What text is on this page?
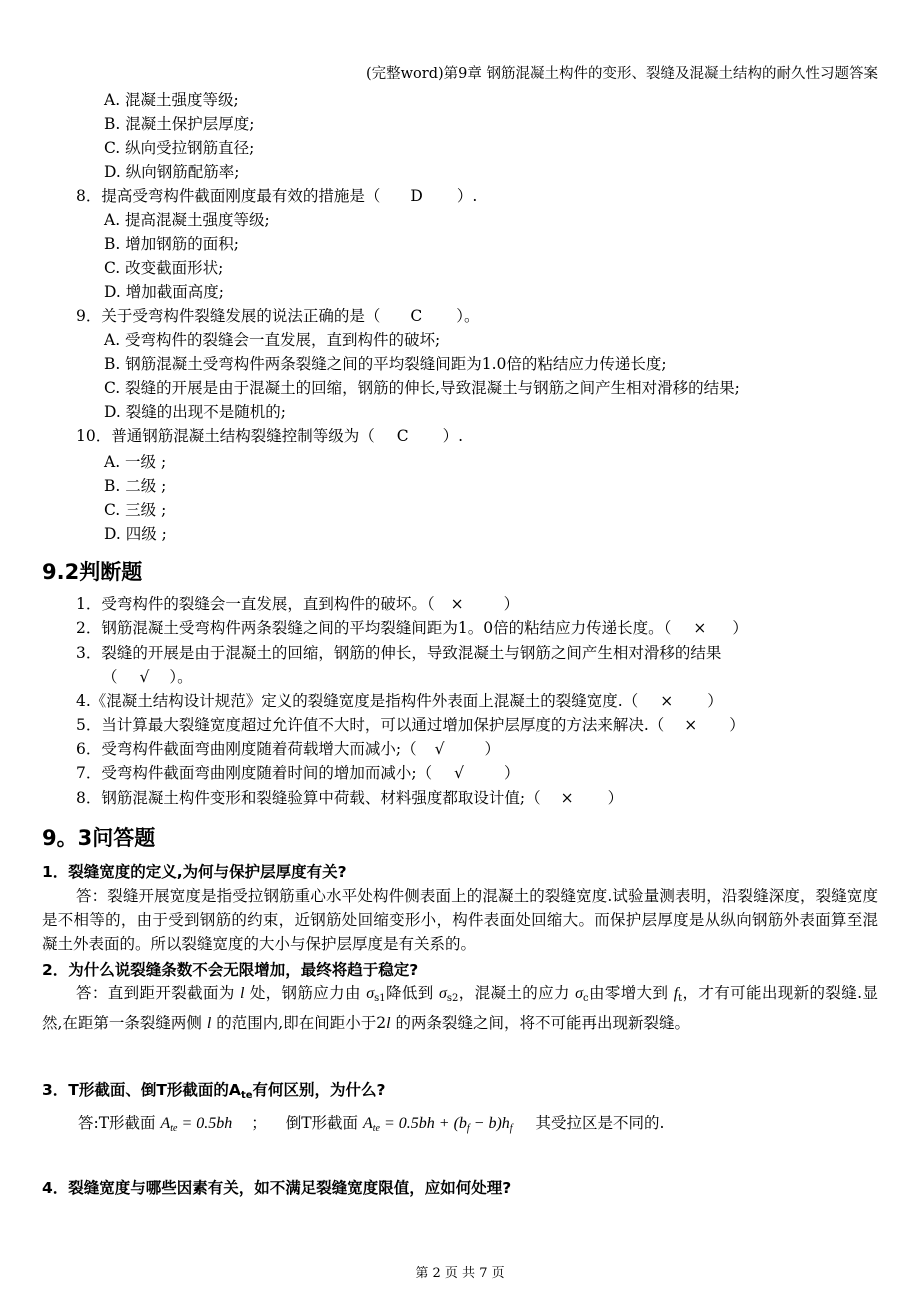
(完整word)第9章 钢筋混凝土构件的变形、裂缝及混凝土结构的耐久性习题答案
A. 混凝土强度等级;
B. 混凝土保护层厚度;
C. 纵向受拉钢筋直径;
D. 纵向钢筋配筋率;
8．提高受弯构件截面刚度最有效的措施是（ D ）.
A. 提高混凝土强度等级;
B. 增加钢筋的面积;
C. 改变截面形状;
D. 增加截面高度;
9．关于受弯构件裂缝发展的说法正确的是（ C ）。
A. 受弯构件的裂缝会一直发展，直到构件的破坏;
B. 钢筋混凝土受弯构件两条裂缝之间的平均裂缝间距为1.0倍的粘结应力传递长度;
C. 裂缝的开展是由于混凝土的回缩，钢筋的伸长,导致混凝土与钢筋之间产生相对滑移的结果;
D. 裂缝的出现不是随机的;
10．普通钢筋混凝土结构裂缝控制等级为（ C ）.
A. 一级 ;
B. 二级 ;
C. 三级 ;
D. 四级 ;
9.2判断题
1．受弯构件的裂缝会一直发展，直到构件的破坏。（ ×	）
2．钢筋混凝土受弯构件两条裂缝之间的平均裂缝间距为1。0倍的粘结应力传递长度。（ × ）
3．裂缝的开展是由于混凝土的回缩，钢筋的伸长，导致混凝土与钢筋之间产生相对滑移的结果
（ √ ）。
4.《混凝土结构设计规范》定义的裂缝宽度是指构件外表面上混凝土的裂缝宽度.（ × ）
5．当计算最大裂缝宽度超过允许值不大时，可以通过增加保护层厚度的方法来解决.（ × ）
6．受弯构件截面弯曲刚度随着荷载增大而减小;（ √	）
7．受弯构件截面弯曲刚度随着时间的增加而减小;（ √	）
8．钢筋混凝土构件变形和裂缝验算中荷载、材料强度都取设计值;（ × ）
9。3问答题
1．裂缝宽度的定义,为何与保护层厚度有关?
答：裂缝开展宽度是指受拉钢筋重心水平处构件侧表面上的混凝土的裂缝宽度.试验量测表明，沿裂缝深度，裂缝宽度是不相等的，由于受到钢筋的约束，近钢筋处回缩变形小，构件表面处回缩大。而保护层厚度是从纵向钢筋外表面算至混凝土外表面的。所以裂缝宽度的大小与保护层厚度是有关系的。
2．为什么说裂缝条数不会无限增加，最终将趋于稳定?
答：直到距开裂截面为 l 处，钢筋应力由 $\sigma_{s1}$降低到 $\sigma_{s2}$，混凝土的应力 $\sigma_c$由零增大到 $f_t$，才有可能出现新的裂缝.显然,在距第一条裂缝两侧 l 的范围内,即在间距小于2l 的两条裂缝之间，将不可能再出现新裂缝。
3．T形截面、倒T形截面的$A_{te}$有何区别，为什么?
答:T形截面 $A_{te} = 0.5bh$ ； 倒T形截面 $A_{te} = 0.5bh + (b_f - b)h_f$ 其受拉区是不同的.
4．裂缝宽度与哪些因素有关，如不满足裂缝宽度限值，应如何处理?
第 2 页 共 7 页
